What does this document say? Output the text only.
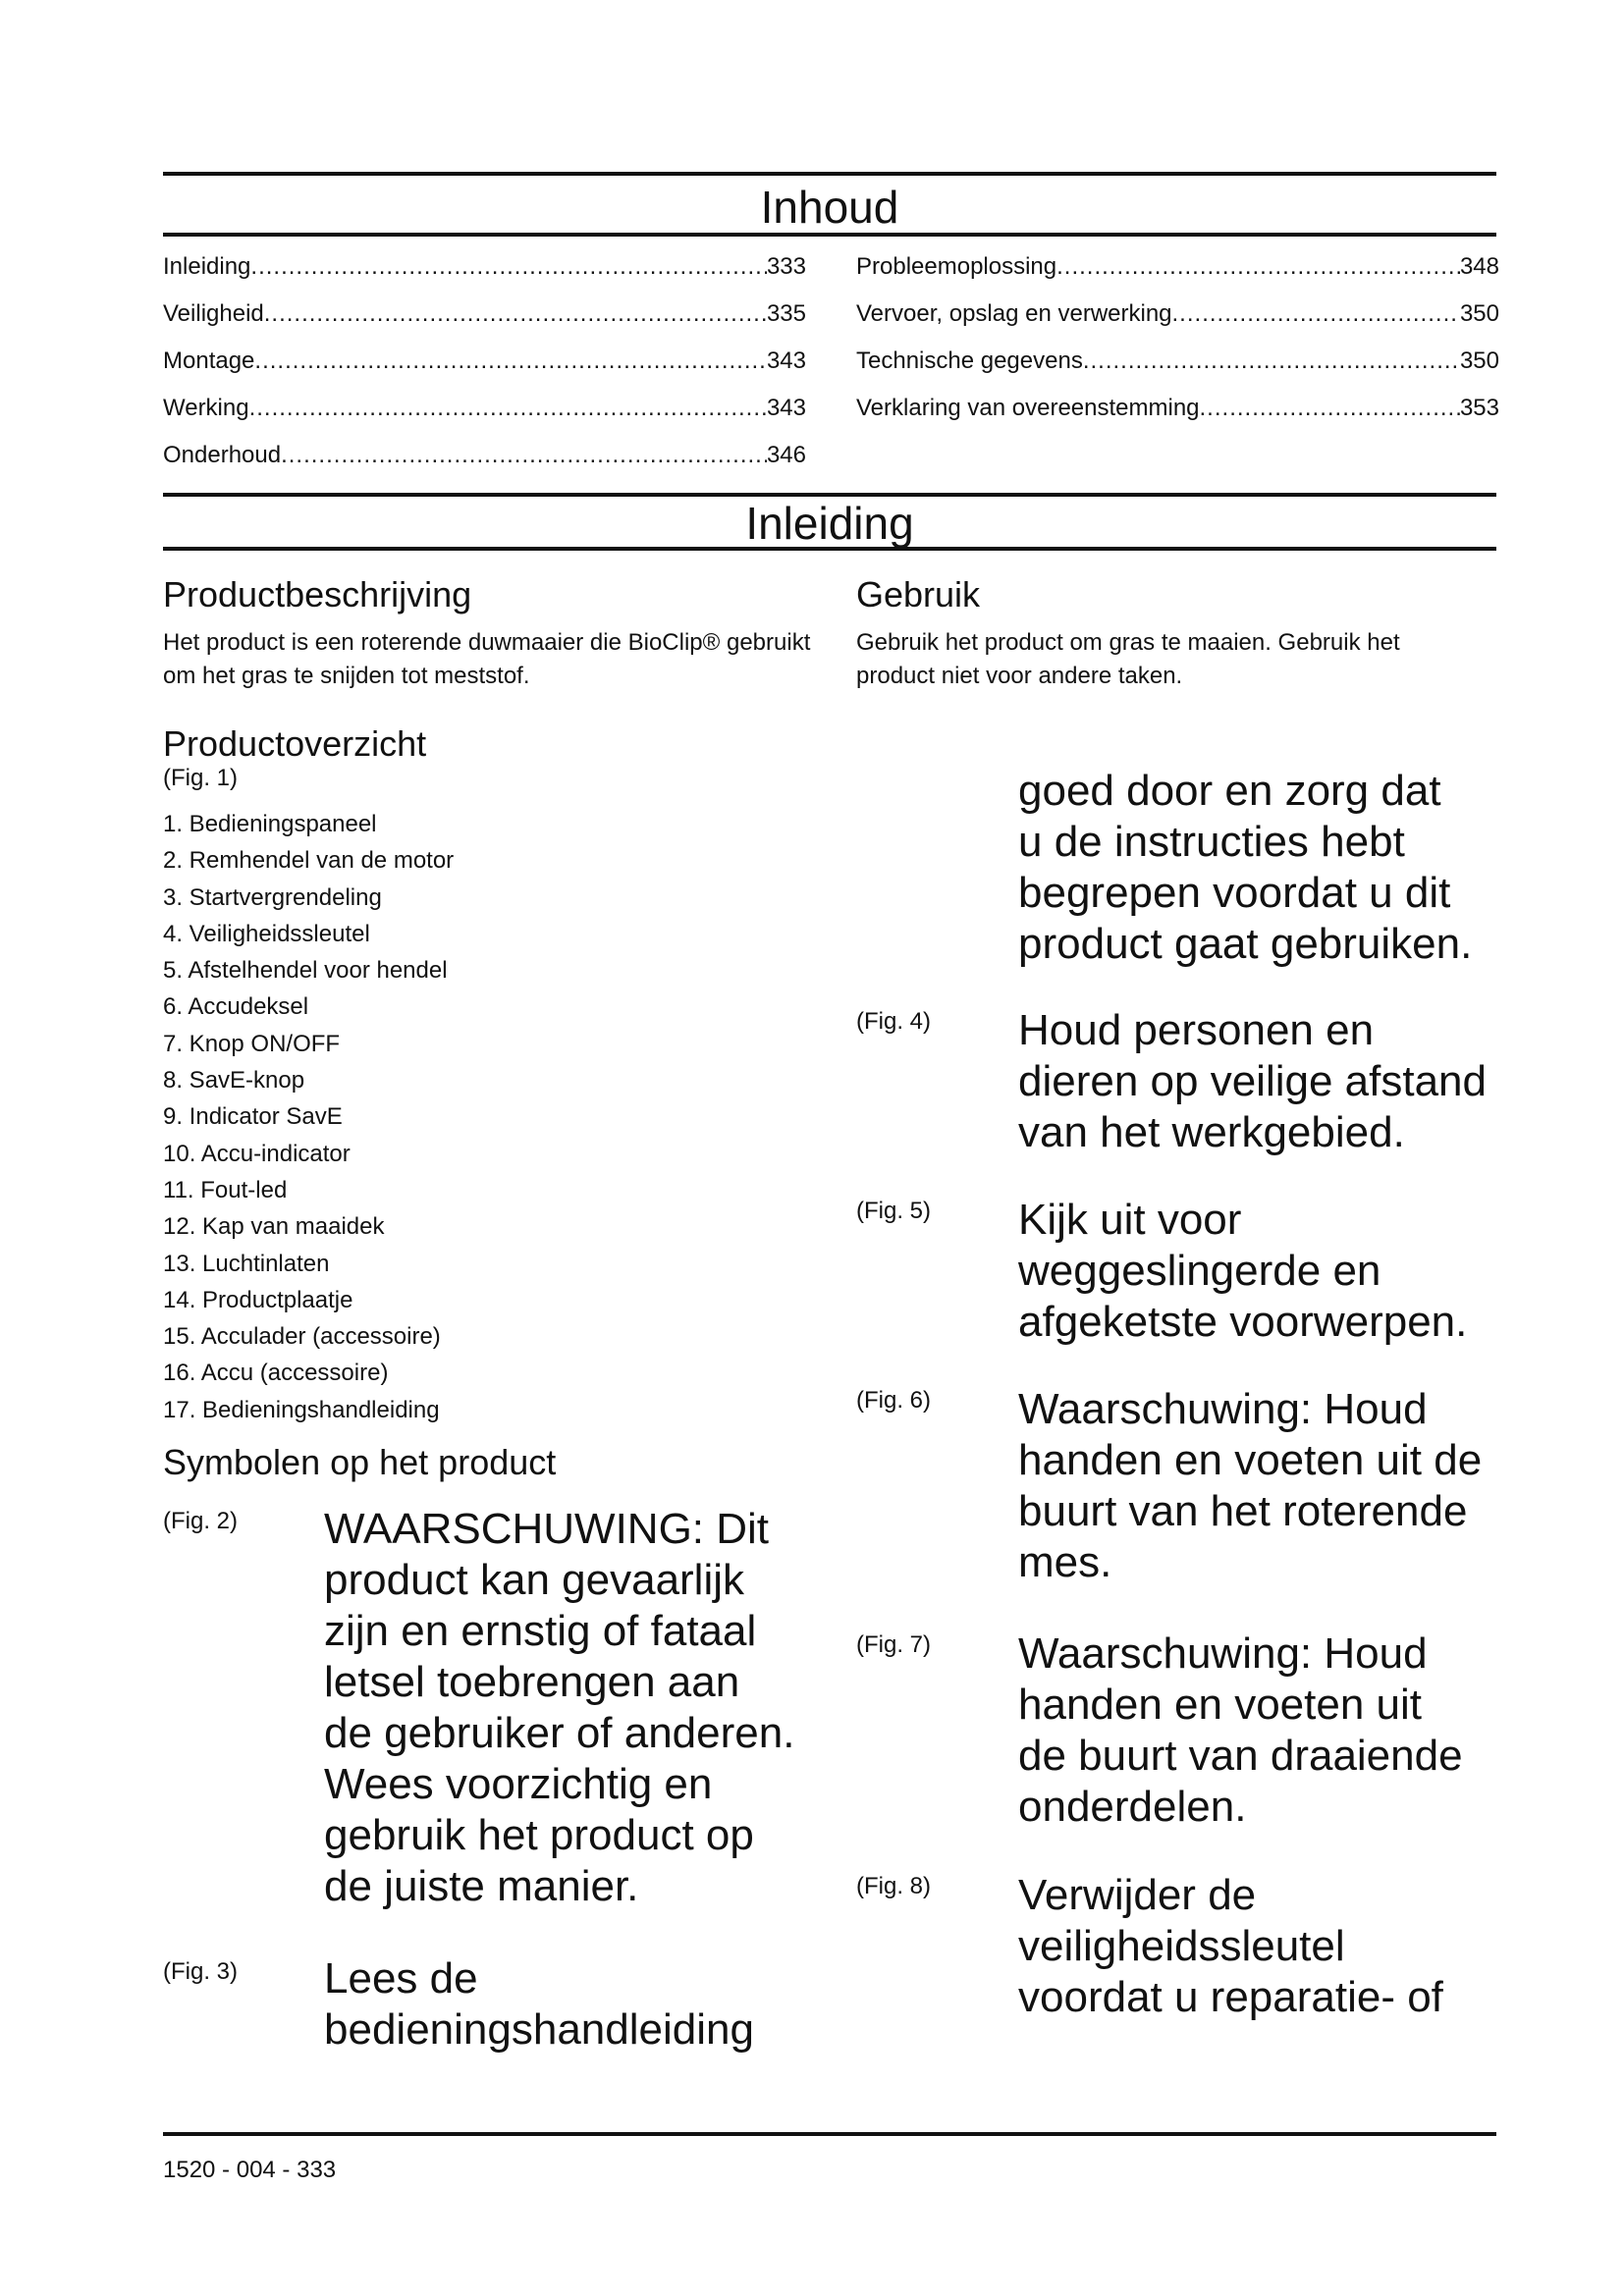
Inhoud
Inleiding .....	333
Veiligheid .....	335
Montage .....	343
Werking .....	343
Onderhoud .....	346
Probleemoplossing .....	348
Vervoer, opslag en verwerking .....	350
Technische gegevens .....	350
Verklaring van overeenstemming .....	353
Inleiding
Productbeschrijving

Het product is een roterende duwmaaier die BioClip® gebruikt om het gras te snijden tot meststof.

Gebruik

Gebruik het product om gras te maaien. Gebruik het product niet voor andere taken.

Productoverzicht
(Fig. 1)
1. Bedieningspaneel
2. Remhendel van de motor
3. Startvergrendeling
4. Veiligheidssleutel
5. Afstelhendel voor hendel
6. Accudeksel
7. Knop ON/OFF
8. SavE-knop
9. Indicator SavE
10. Accu-indicator
11. Fout-led
12. Kap van maaidek
13. Luchtinlaten
14. Productplaatje
15. Acculader (accessoire)
16. Accu (accessoire)
17. Bedieningshandleiding
Symbolen op het product
(Fig. 2) WAARSCHUWING: Dit
product kan gevaarlijk
zijn en ernstig of fataal
letsel toebrengen aan
de gebruiker of anderen.
Wees voorzichtig en
gebruik het product op
de juiste manier.
(Fig. 3) Lees de
bedieningshandleiding
goed door en zorg dat
u de instructies hebt
begrepen voordat u dit
product gaat gebruiken.
(Fig. 4) Houd personen en
dieren op veilige afstand
van het werkgebied.
(Fig. 5) Kijk uit voor
weggeslingerde en
afgeketste voorwerpen.
(Fig. 6) Waarschuwing: Houd
handen en voeten uit de
buurt van het roterende
mes.
(Fig. 7) Waarschuwing: Houd
handen en voeten uit
de buurt van draaiende
onderdelen.
(Fig. 8) Verwijder de
veiligheidssleutel
voordat u reparatie- of
1520 - 004 - 333
